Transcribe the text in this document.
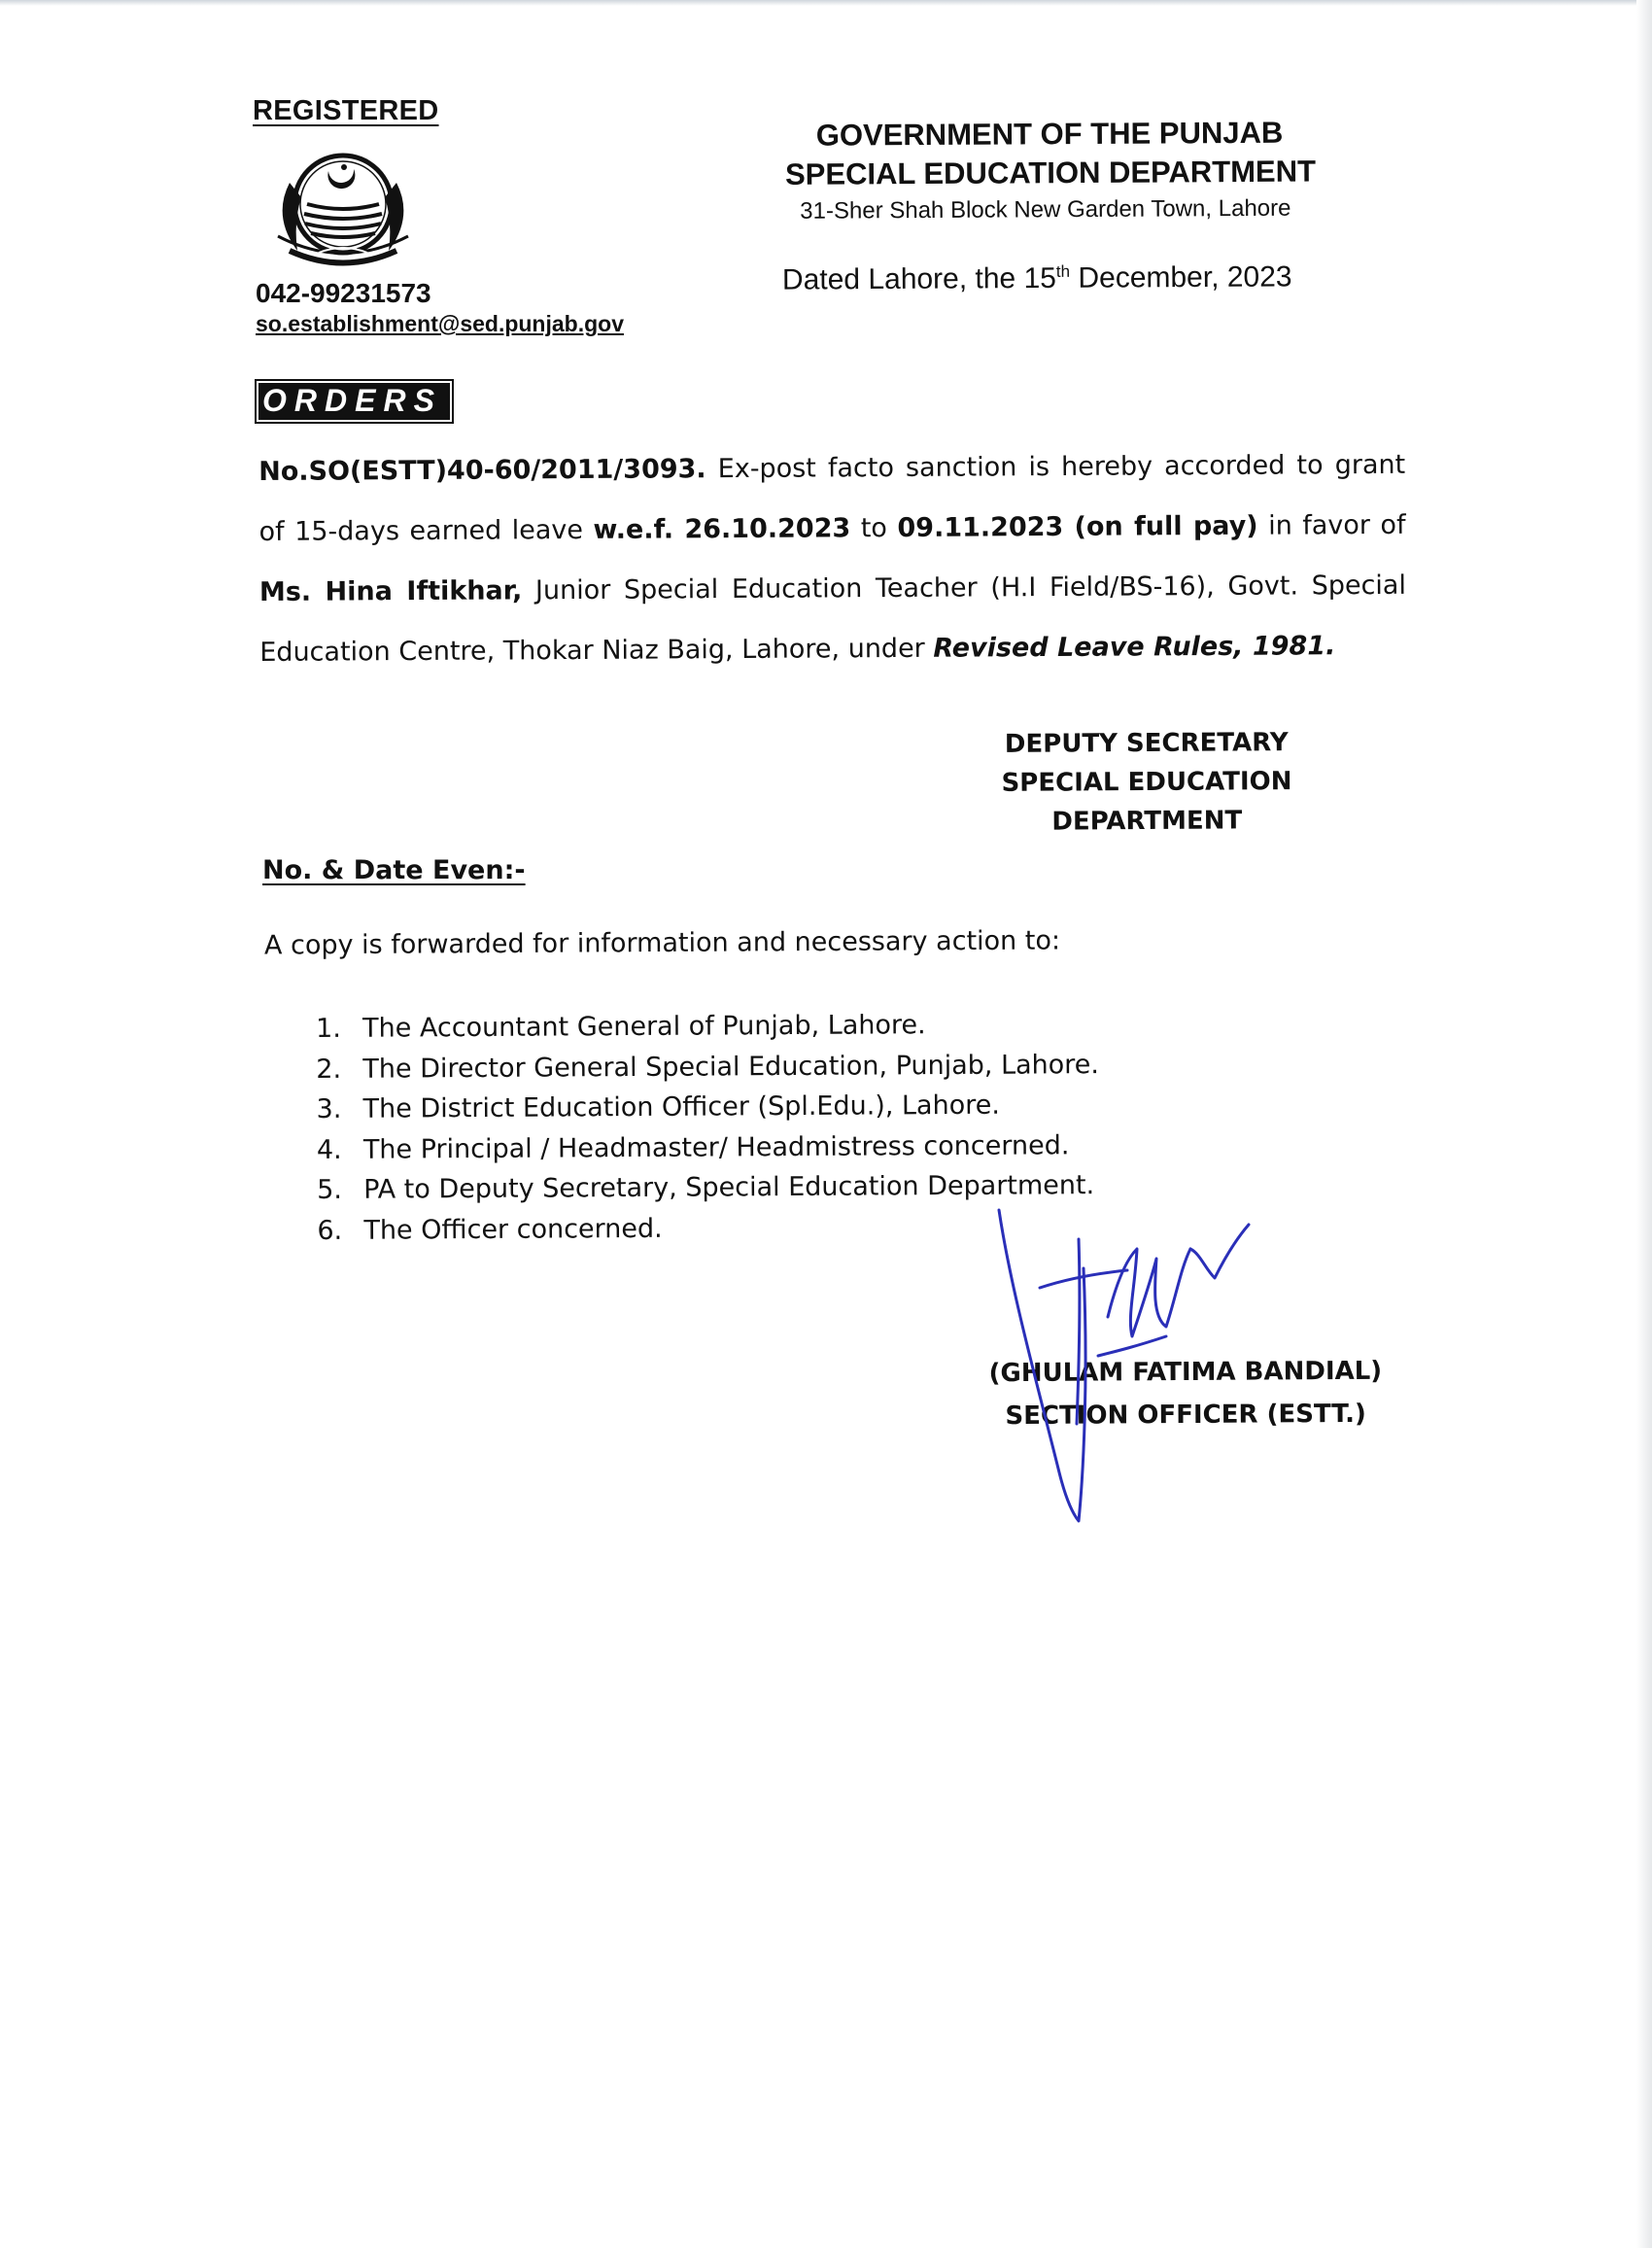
REGISTERED
042-99231573
so.establishment@sed.punjab.gov
GOVERNMENT OF THE PUNJAB
SPECIAL EDUCATION DEPARTMENT
31-Sher Shah Block New Garden Town, Lahore
Dated Lahore, the 15th December, 2023
ORDERS
No.SO(ESTT)40-60/2011/3093. Ex-post facto sanction is hereby accorded to grant of 15-days earned leave w.e.f. 26.10.2023 to 09.11.2023 (on full pay) in favor of Ms. Hina Iftikhar, Junior Special Education Teacher (H.I Field/BS-16), Govt. Special Education Centre, Thokar Niaz Baig, Lahore, under Revised Leave Rules, 1981.
DEPUTY SECRETARY
SPECIAL EDUCATION
DEPARTMENT
No. & Date Even:-
A copy is forwarded for information and necessary action to:
1. The Accountant General of Punjab, Lahore.
2. The Director General Special Education, Punjab, Lahore.
3. The District Education Officer (Spl.Edu.), Lahore.
4. The Principal / Headmaster/ Headmistress concerned.
5. PA to Deputy Secretary, Special Education Department.
6. The Officer concerned.
(GHULAM FATIMA BANDIAL)
SECTION OFFICER (ESTT.)
